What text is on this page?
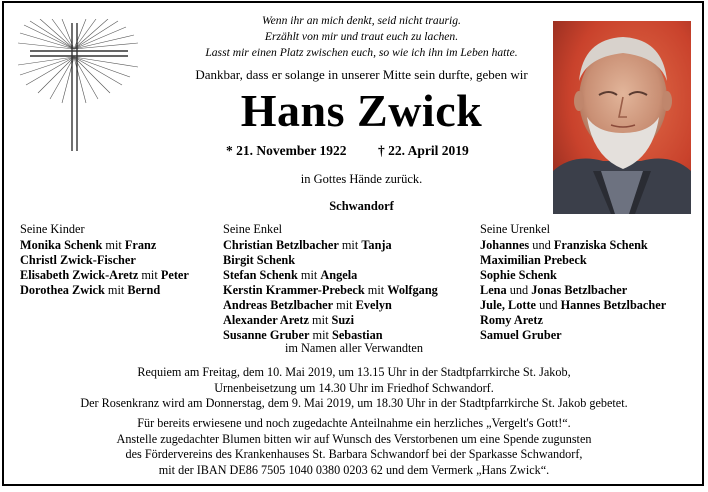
Wenn ihr an mich denkt, seid nicht traurig.
Erzählt von mir und traut euch zu lachen.
Lasst mir einen Platz zwischen euch, so wie ich ihn im Leben hatte.
Dankbar, dass er solange in unserer Mitte sein durfte, geben wir
Hans Zwick
* 21. November 1922 † 22. April 2019
in Gottes Hände zurück.
Schwandorf
Seine Kinder
Monika Schenk mit Franz
Christl Zwick-Fischer
Elisabeth Zwick-Aretz mit Peter
Dorothea Zwick mit Bernd
Seine Enkel
Christian Betzlbacher mit Tanja
Birgit Schenk
Stefan Schenk mit Angela
Kerstin Krammer-Prebeck mit Wolfgang
Andreas Betzlbacher mit Evelyn
Alexander Aretz mit Suzi
Susanne Gruber mit Sebastian
Seine Urenkel
Johannes und Franziska Schenk
Maximilian Prebeck
Sophie Schenk
Lena und Jonas Betzlbacher
Jule, Lotte und Hannes Betzlbacher
Romy Aretz
Samuel Gruber
im Namen aller Verwandten
Requiem am Freitag, dem 10. Mai 2019, um 13.15 Uhr in der Stadtpfarrkirche St. Jakob,
Urnenbeisetzung um 14.30 Uhr im Friedhof Schwandorf.
Der Rosenkranz wird am Donnerstag, dem 9. Mai 2019, um 18.30 Uhr in der Stadtpfarrkirche St. Jakob gebetet.
Für bereits erwiesene und noch zugedachte Anteilnahme ein herzliches „Vergelt's Gott!“.
Anstelle zugedachter Blumen bitten wir auf Wunsch des Verstorbenen um eine Spende zugunsten
des Fördervereins des Krankenhauses St. Barbara Schwandorf bei der Sparkasse Schwandorf,
mit der IBAN DE86 7505 1040 0380 0203 62 und dem Vermerk „Hans Zwick“.
